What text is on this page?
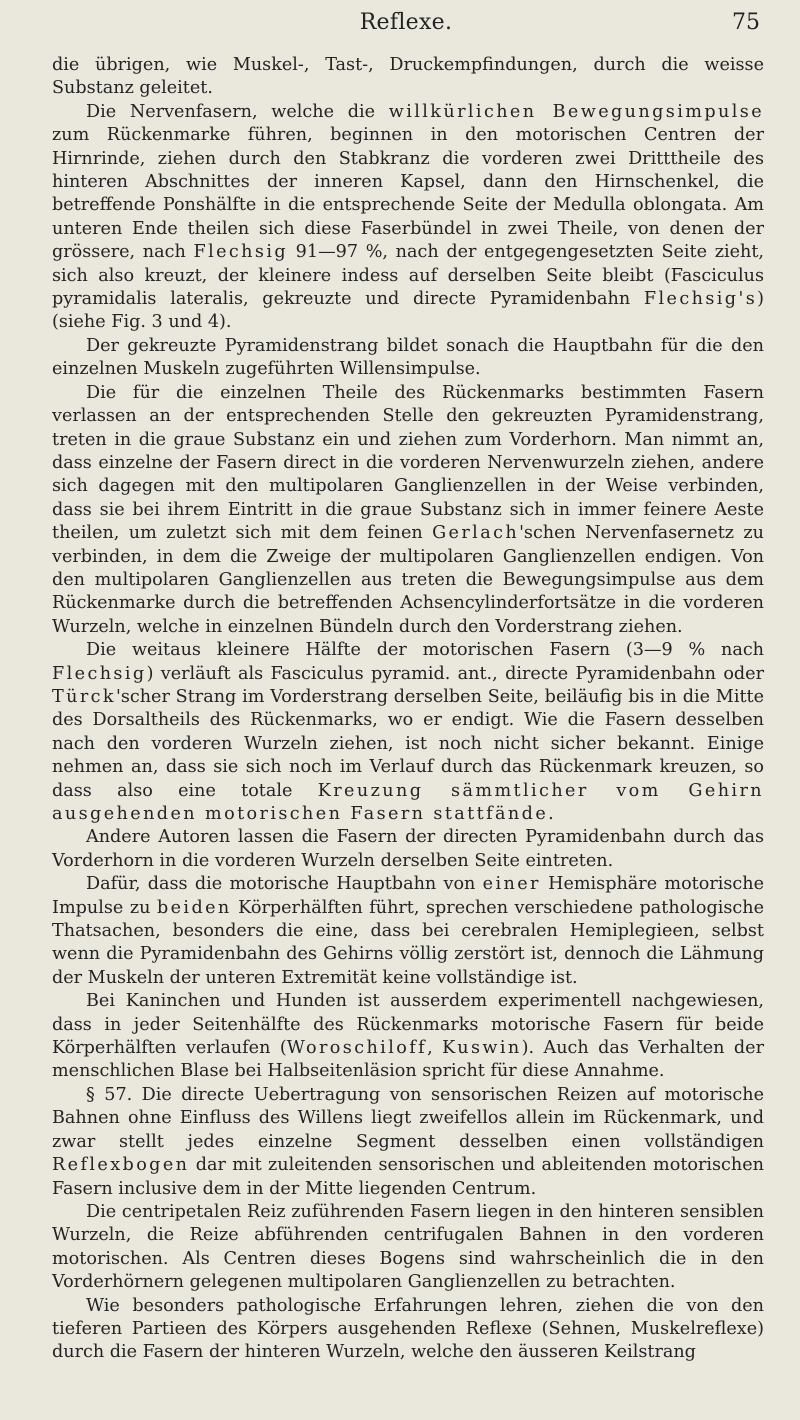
Reflexe.	75

die übrigen, wie Muskel-, Tast-, Druckempfindungen, durch die weisse Substanz geleitet.

Die Nervenfasern, welche die willkürlichen Bewegungsimpulse zum Rückenmarke führen, beginnen in den motorischen Centren der Hirnrinde, ziehen durch den Stabkranz die vorderen zwei Dritttheile des hinteren Abschnittes der inneren Kapsel, dann den Hirnschenkel, die betreffende Ponshälfte in die entsprechende Seite der Medulla oblongata. Am unteren Ende theilen sich diese Faserbündel in zwei Theile, von denen der grössere, nach Flechsig 91—97 %, nach der entgegengesetzten Seite zieht, sich also kreuzt, der kleinere indess auf derselben Seite bleibt (Fasciculus pyramidalis lateralis, gekreuzte und directe Pyramidenbahn Flechsig's) (siehe Fig. 3 und 4).

Der gekreuzte Pyramidenstrang bildet sonach die Hauptbahn für die den einzelnen Muskeln zugeführten Willensimpulse.

Die für die einzelnen Theile des Rückenmarks bestimmten Fasern verlassen an der entsprechenden Stelle den gekreuzten Pyramidenstrang, treten in die graue Substanz ein und ziehen zum Vorderhorn. Man nimmt an, dass einzelne der Fasern direct in die vorderen Nervenwurzeln ziehen, andere sich dagegen mit den multipolaren Ganglienzellen in der Weise verbinden, dass sie bei ihrem Eintritt in die graue Substanz sich in immer feinere Aeste theilen, um zuletzt sich mit dem feinen Gerlach'schen Nervenfasernetz zu verbinden, in dem die Zweige der multipolaren Ganglienzellen endigen. Von den multipolaren Ganglienzellen aus treten die Bewegungsimpulse aus dem Rückenmarke durch die betreffenden Achsencylinderfortsätze in die vorderen Wurzeln, welche in einzelnen Bündeln durch den Vorderstrang ziehen.

Die weitaus kleinere Hälfte der motorischen Fasern (3—9 % nach Flechsig) verläuft als Fasciculus pyramid. ant., directe Pyramidenbahn oder Türck'scher Strang im Vorderstrang derselben Seite, beiläufig bis in die Mitte des Dorsaltheils des Rückenmarks, wo er endigt. Wie die Fasern desselben nach den vorderen Wurzeln ziehen, ist noch nicht sicher bekannt. Einige nehmen an, dass sie sich noch im Verlauf durch das Rückenmark kreuzen, so dass also eine totale Kreuzung sämmtlicher vom Gehirn ausgehenden motorischen Fasern stattfände.

Andere Autoren lassen die Fasern der directen Pyramidenbahn durch das Vorderhorn in die vorderen Wurzeln derselben Seite eintreten.

Dafür, dass die motorische Hauptbahn von einer Hemisphäre motorische Impulse zu beiden Körperhälften führt, sprechen verschiedene pathologische Thatsachen, besonders die eine, dass bei cerebralen Hemiplegieen, selbst wenn die Pyramidenbahn des Gehirns völlig zerstört ist, dennoch die Lähmung der Muskeln der unteren Extremität keine vollständige ist.

Bei Kaninchen und Hunden ist ausserdem experimentell nachgewiesen, dass in jeder Seitenhälfte des Rückenmarks motorische Fasern für beide Körperhälften verlaufen (Woroschiloff, Kuswin). Auch das Verhalten der menschlichen Blase bei Halbseitenläsion spricht für diese Annahme.

§ 57. Die directe Uebertragung von sensorischen Reizen auf motorische Bahnen ohne Einfluss des Willens liegt zweifellos allein im Rückenmark, und zwar stellt jedes einzelne Segment desselben einen vollständigen Reflexbogen dar mit zuleitenden sensorischen und ableitenden motorischen Fasern inclusive dem in der Mitte liegenden Centrum.

Die centripetalen Reiz zuführenden Fasern liegen in den hinteren sensiblen Wurzeln, die Reize abführenden centrifugalen Bahnen in den vorderen motorischen. Als Centren dieses Bogens sind wahrscheinlich die in den Vorderhörnern gelegenen multipolaren Ganglienzellen zu betrachten.

Wie besonders pathologische Erfahrungen lehren, ziehen die von den tieferen Partieen des Körpers ausgehenden Reflexe (Sehnen, Muskelreflexe) durch die Fasern der hinteren Wurzeln, welche den äusseren Keilstrang
